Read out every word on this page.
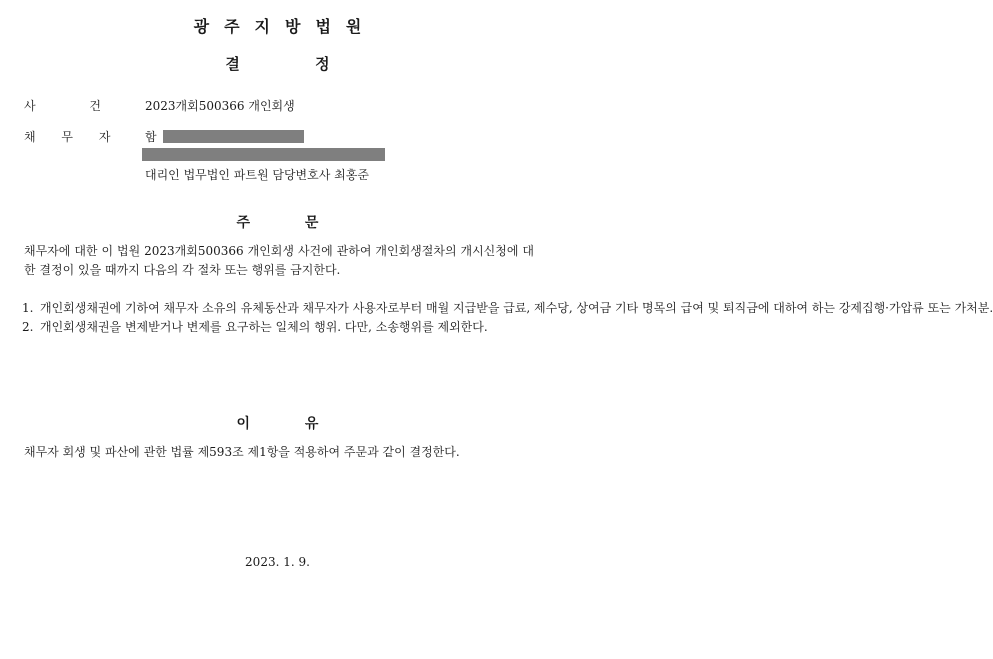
광주지방법원
결 정
사 건	2023개회500366 개인회생
채 무 자	함
대리인 법무법인 파트원 담당변호사 최홍준
주 문
채무자에 대한 이 법원 2023개회500366 개인회생 사건에 관하여 개인회생절차의 개시신청에 대한 결정이 있을 때까지 다음의 각 절차 또는 행위를 금지한다.
1. 개인회생채권에 기하여 채무자 소유의 유체동산과 채무자가 사용자로부터 매월 지급받을 급료, 제수당, 상여금 기타 명목의 급여 및 퇴직금에 대하여 하는 강제집행·가압류 또는 가처분.
2. 개인회생채권을 변제받거나 변제를 요구하는 일체의 행위. 다만, 소송행위를 제외한다.
이 유
채무자 회생 및 파산에 관한 법률 제593조 제1항을 적용하여 주문과 같이 결정한다.
2023. 1. 9.
